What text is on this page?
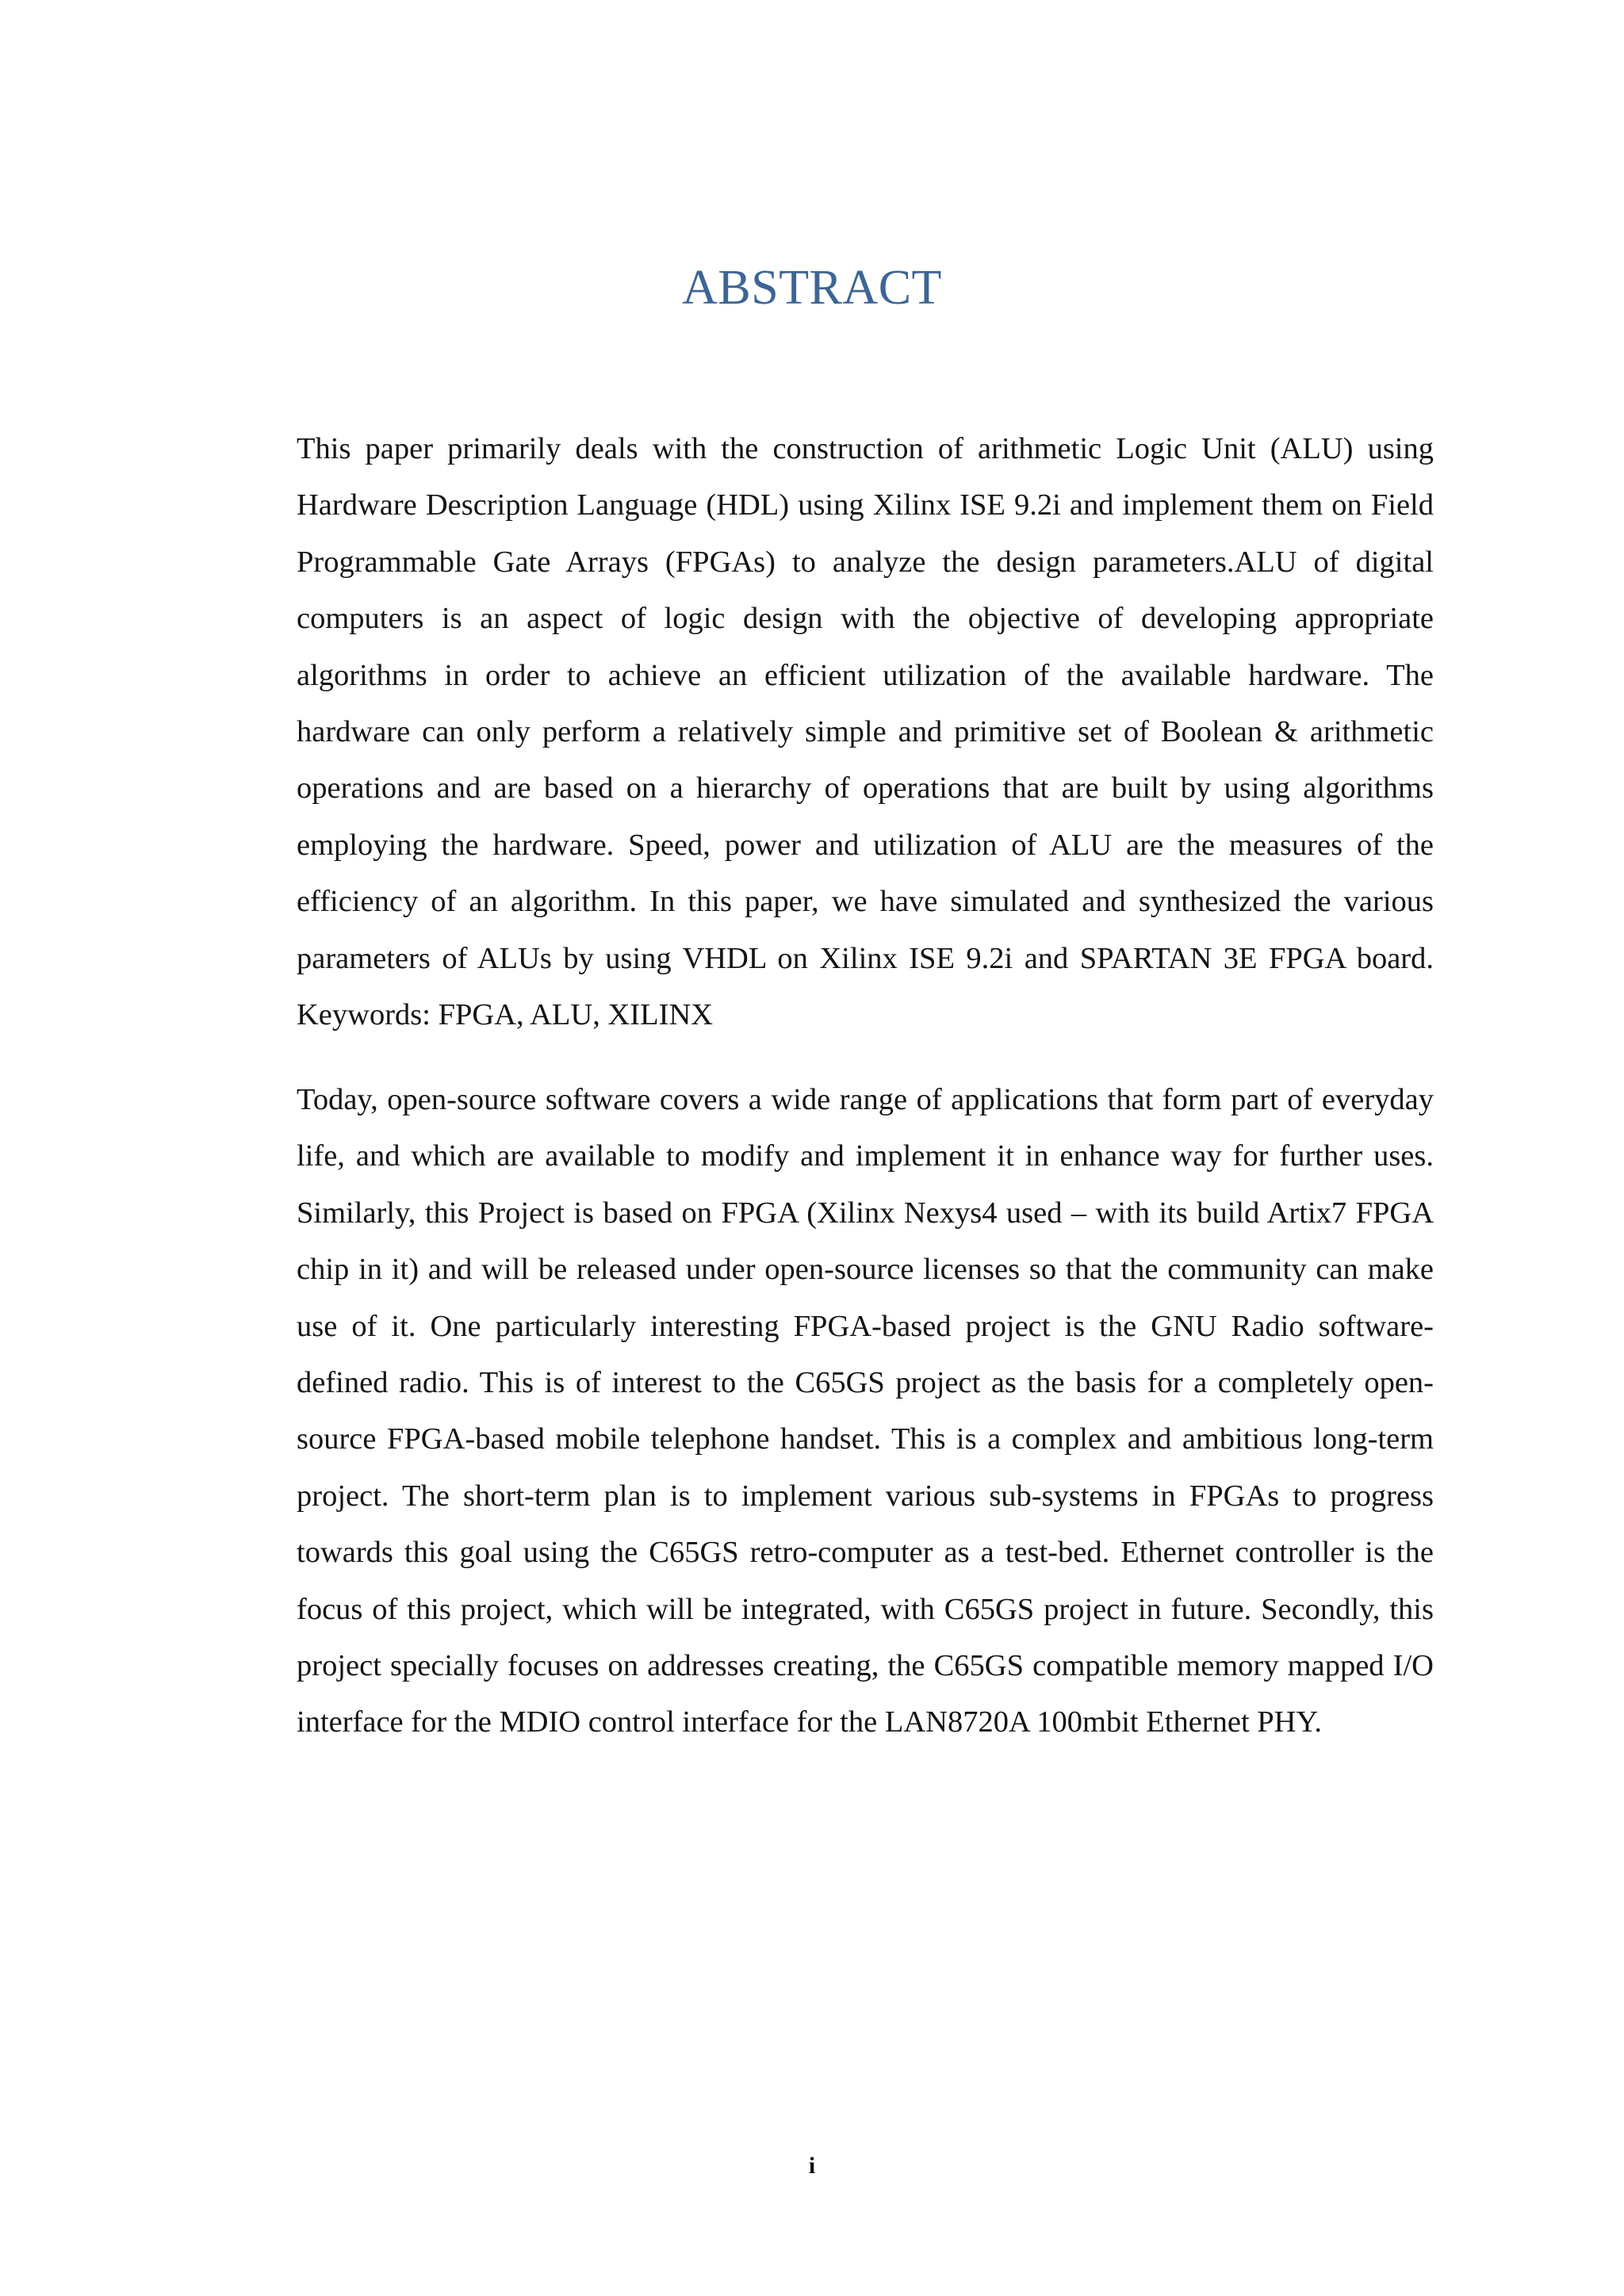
ABSTRACT

This paper primarily deals with the construction of arithmetic Logic Unit (ALU) using Hardware Description Language (HDL) using Xilinx ISE 9.2i and implement them on Field Programmable Gate Arrays (FPGAs) to analyze the design parameters.ALU of digital computers is an aspect of logic design with the objective of developing appropriate algorithms in order to achieve an efficient utilization of the available hardware. The hardware can only perform a relatively simple and primitive set of Boolean & arithmetic operations and are based on a hierarchy of operations that are built by using algorithms employing the hardware. Speed, power and utilization of ALU are the measures of the efficiency of an algorithm. In this paper, we have simulated and synthesized the various parameters of ALUs by using VHDL on Xilinx ISE 9.2i and SPARTAN 3E FPGA board. Keywords: FPGA, ALU, XILINX

Today, open-source software covers a wide range of applications that form part of everyday life, and which are available to modify and implement it in enhance way for further uses. Similarly, this Project is based on FPGA (Xilinx Nexys4 used – with its build Artix7 FPGA chip in it) and will be released under open-source licenses so that the community can make use of it. One particularly interesting FPGA-based project is the GNU Radio software-defined radio. This is of interest to the C65GS project as the basis for a completely open-source FPGA-based mobile telephone handset. This is a complex and ambitious long-term project. The short-term plan is to implement various sub-systems in FPGAs to progress towards this goal using the C65GS retro-computer as a test-bed. Ethernet controller is the focus of this project, which will be integrated, with C65GS project in future. Secondly, this project specially focuses on addresses creating, the C65GS compatible memory mapped I/O interface for the MDIO control interface for the LAN8720A 100mbit Ethernet PHY.

i
